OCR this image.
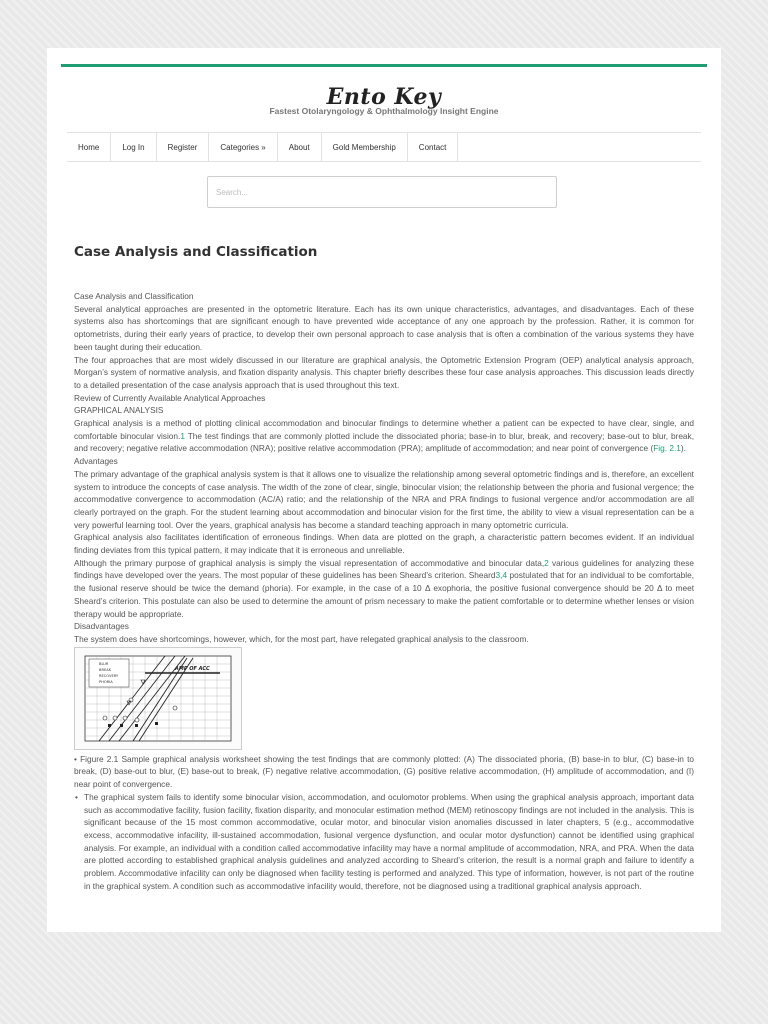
Ento Key
Fastest Otolaryngology & Ophthalmology Insight Engine
Home	Log In	Register	Categories »	About	Gold Membership	Contact
Search...
Case Analysis and Classification

Case Analysis and Classification

Several analytical approaches are presented in the optometric literature. Each has its own unique characteristics, advantages, and disadvantages. Each of these systems also has shortcomings that are significant enough to have prevented wide acceptance of any one approach by the profession. Rather, it is common for optometrists, during their early years of practice, to develop their own personal approach to case analysis that is often a combination of the various systems they have been taught during their education.

The four approaches that are most widely discussed in our literature are graphical analysis, the Optometric Extension Program (OEP) analytical analysis approach, Morgan’s system of normative analysis, and fixation disparity analysis. This chapter briefly describes these four case analysis approaches. This discussion leads directly to a detailed presentation of the case analysis approach that is used throughout this text.

Review of Currently Available Analytical Approaches

GRAPHICAL ANALYSIS

Graphical analysis is a method of plotting clinical accommodation and binocular findings to determine whether a patient can be expected to have clear, single, and comfortable binocular vision.1 The test findings that are commonly plotted include the dissociated phoria; base-in to blur, break, and recovery; base-out to blur, break, and recovery; negative relative accommodation (NRA); positive relative accommodation (PRA); amplitude of accommodation; and near point of convergence (Fig. 2.1).

Advantages

The primary advantage of the graphical analysis system is that it allows one to visualize the relationship among several optometric findings and is, therefore, an excellent system to introduce the concepts of case analysis. The width of the zone of clear, single, binocular vision; the relationship between the phoria and fusional vergence; the accommodative convergence to accommodation (AC/A) ratio; and the relationship of the NRA and PRA findings to fusional vergence and/or accommodation are all clearly portrayed on the graph. For the student learning about accommodation and binocular vision for the first time, the ability to view a visual representation can be a very powerful learning tool. Over the years, graphical analysis has become a standard teaching approach in many optometric curricula.

Graphical analysis also facilitates identification of erroneous findings. When data are plotted on the graph, a characteristic pattern becomes evident. If an individual finding deviates from this typical pattern, it may indicate that it is erroneous and unreliable.

Although the primary purpose of graphical analysis is simply the visual representation of accommodative and binocular data,2 various guidelines for analyzing these findings have developed over the years. The most popular of these guidelines has been Sheard’s criterion. Sheard3,4 postulated that for an individual to be comfortable, the fusional reserve should be twice the demand (phoria). For example, in the case of a 10 Δ exophoria, the positive fusional convergence should be 20 Δ to meet Sheard’s criterion. This postulate can also be used to determine the amount of prism necessary to make the patient comfortable or to determine whether lenses or vision therapy would be appropriate.

Disadvantages

The system does have shortcomings, however, which, for the most part, have relegated graphical analysis to the classroom.

BLUR
BREAK
RECOVERY
PHORIA
AMP OF ACC

• Figure 2.1 Sample graphical analysis worksheet showing the test findings that are commonly plotted: (A) The dissociated phoria, (B) base-in to blur, (C) base-in to break, (D) base-out to blur, (E) base-out to break, (F) negative relative accommodation, (G) positive relative accommodation, (H) amplitude of accommodation, and (I) near point of convergence.

• The graphical system fails to identify some binocular vision, accommodation, and oculomotor problems. When using the graphical analysis approach, important data such as accommodative facility, fusion facility, fixation disparity, and monocular estimation method (MEM) retinoscopy findings are not included in the analysis. This is significant because of the 15 most common accommodative, ocular motor, and binocular vision anomalies discussed in later chapters, 5 (e.g., accommodative excess, accommodative infacility, ill-sustained accommodation, fusional vergence dysfunction, and ocular motor dysfunction) cannot be identified using graphical analysis. For example, an individual with a condition called accommodative infacility may have a normal amplitude of accommodation, NRA, and PRA. When the data are plotted according to established graphical analysis guidelines and analyzed according to Sheard’s criterion, the result is a normal graph and failure to identify a problem. Accommodative infacility can only be diagnosed when facility testing is performed and analyzed. This type of information, however, is not part of the routine in the graphical system. A condition such as accommodative infacility would, therefore, not be diagnosed using a traditional graphical analysis approach.
